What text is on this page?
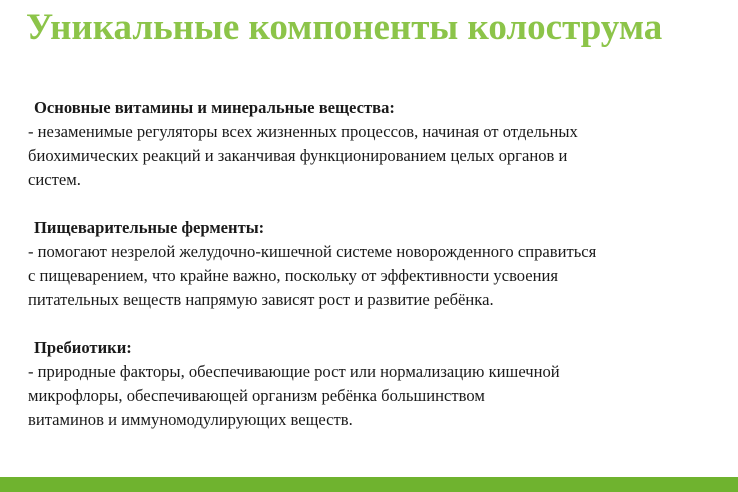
Уникальные компоненты колострума
Основные витамины и минеральные вещества:
- незаменимые регуляторы всех жизненных процессов, начиная от отдельных
биохимических реакций и заканчивая функционированием целых органов и
систем.
Пищеварительные ферменты:
- помогают незрелой желудочно-кишечной системе новорожденного справиться
с пищеварением, что крайне важно, поскольку от эффективности усвоения
питательных веществ напрямую зависят рост и развитие ребёнка.
Пребиотики:
- природные факторы, обеспечивающие рост или нормализацию кишечной
микрофлоры, обеспечивающей организм ребёнка большинством
витаминов и иммуномодулирующих веществ.
